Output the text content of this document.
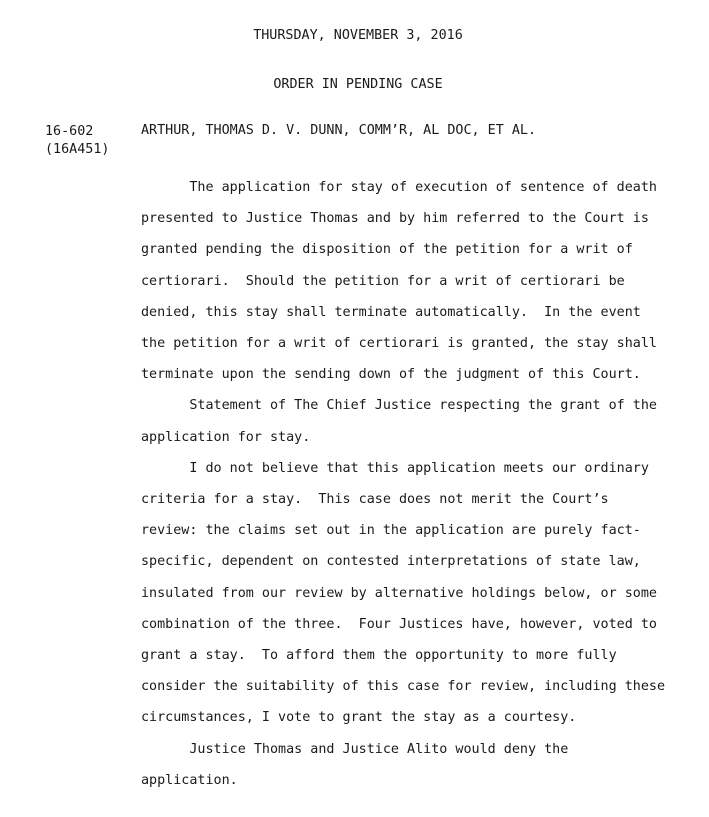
THURSDAY, NOVEMBER 3, 2016
ORDER IN PENDING CASE
16-602
(16A451)
ARTHUR, THOMAS D. V. DUNN, COMM’R, AL DOC, ET AL.
The application for stay of execution of sentence of death
presented to Justice Thomas and by him referred to the Court is
granted pending the disposition of the petition for a writ of
certiorari.  Should the petition for a writ of certiorari be
denied, this stay shall terminate automatically.  In the event
the petition for a writ of certiorari is granted, the stay shall
terminate upon the sending down of the judgment of this Court.
Statement of The Chief Justice respecting the grant of the
application for stay.
I do not believe that this application meets our ordinary
criteria for a stay.  This case does not merit the Court’s
review: the claims set out in the application are purely fact-
specific, dependent on contested interpretations of state law,
insulated from our review by alternative holdings below, or some
combination of the three.  Four Justices have, however, voted to
grant a stay.  To afford them the opportunity to more fully
consider the suitability of this case for review, including these
circumstances, I vote to grant the stay as a courtesy.
Justice Thomas and Justice Alito would deny the
application.
